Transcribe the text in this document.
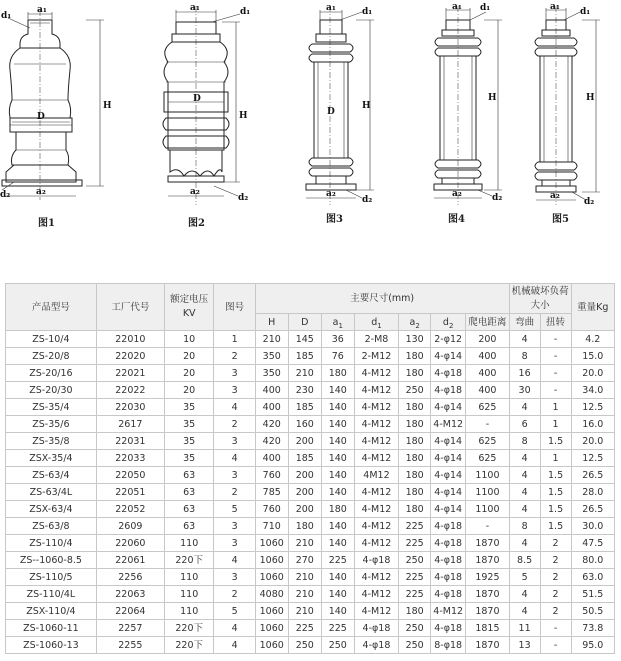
D
a₁
d₁
H
a₂
d₂
D
a₁	d₁
H
d₂
a₂
D
a₁	d₁
H
a₂
d₂
a₁ d₁
H
a₂	d₂
a₁ d₁
H
a₂
d₂
图1	图2	图3	图4	图5
产品型号	工厂代号	额定电压KV	图号	主要尺寸(mm)							机械破坏负荷大小		重量Kg
				H	D	$a_1$	$d_1$	$a_2$	$d_2$	爬电距离	弯曲	扭转	
ZS-10/4	22010	10	1	210	145	36	2-M8	130	2-φ12	200	4	-	4.2
ZS-20/8	22020	20	2	350	185	76	2-M12	180	4-φ14	400	8	-	15.0
ZS-20/16	22021	20	3	350	210	180	4-M12	180	4-φ18	400	16	-	20.0
ZS-20/30	22022	20	3	400	230	140	4-M12	250	4-φ18	400	30	-	34.0
ZS-35/4	22030	35	4	400	185	140	4-M12	180	4-φ14	625	4	1	12.5
ZS-35/6	2617	35	2	420	160	140	4-M12	180	4-M12	-	6	1	16.0
ZS-35/8	22031	35	3	420	200	140	4-M12	180	4-φ14	625	8	1.5	20.0
ZSX-35/4	22033	35	4	400	185	140	4-M12	180	4-φ14	625	4	1	12.5
ZS-63/4	22050	63	3	760	200	140	4M12	180	4-φ14	1100	4	1.5	26.5
ZS-63/4L	22051	63	2	785	200	140	4-M12	180	4-φ14	1100	4	1.5	28.0
ZSX-63/4	22052	63	5	760	200	180	4-M12	180	4-φ14	1100	4	1.5	26.5
ZS-63/8	2609	63	3	710	180	140	4-M12	225	4-φ18	-	8	1.5	30.0
ZS-110/4	22060	110	3	1060	210	140	4-M12	225	4-φ18	1870	4	2	47.5
ZS--1060-8.5	22061	220下	4	1060	270	225	4-φ18	250	4-φ18	1870	8.5	2	80.0
ZS-110/5	2256	110	3	1060	210	140	4-M12	225	4-φ18	1925	5	2	63.0
ZS-110/4L	22063	110	2	4080	210	140	4-M12	225	4-φ18	1870	4	2	51.5
ZSX-110/4	22064	110	5	1060	210	140	4-M12	180	4-M12	1870	4	2	50.5
ZS-1060-11	2257	220下	4	1060	225	225	4-φ18	250	4-φ18	1815	11	-	73.8
ZS-1060-13	2255	220下	4	1060	250	250	4-φ18	250	8-φ18	1870	13	-	95.0
